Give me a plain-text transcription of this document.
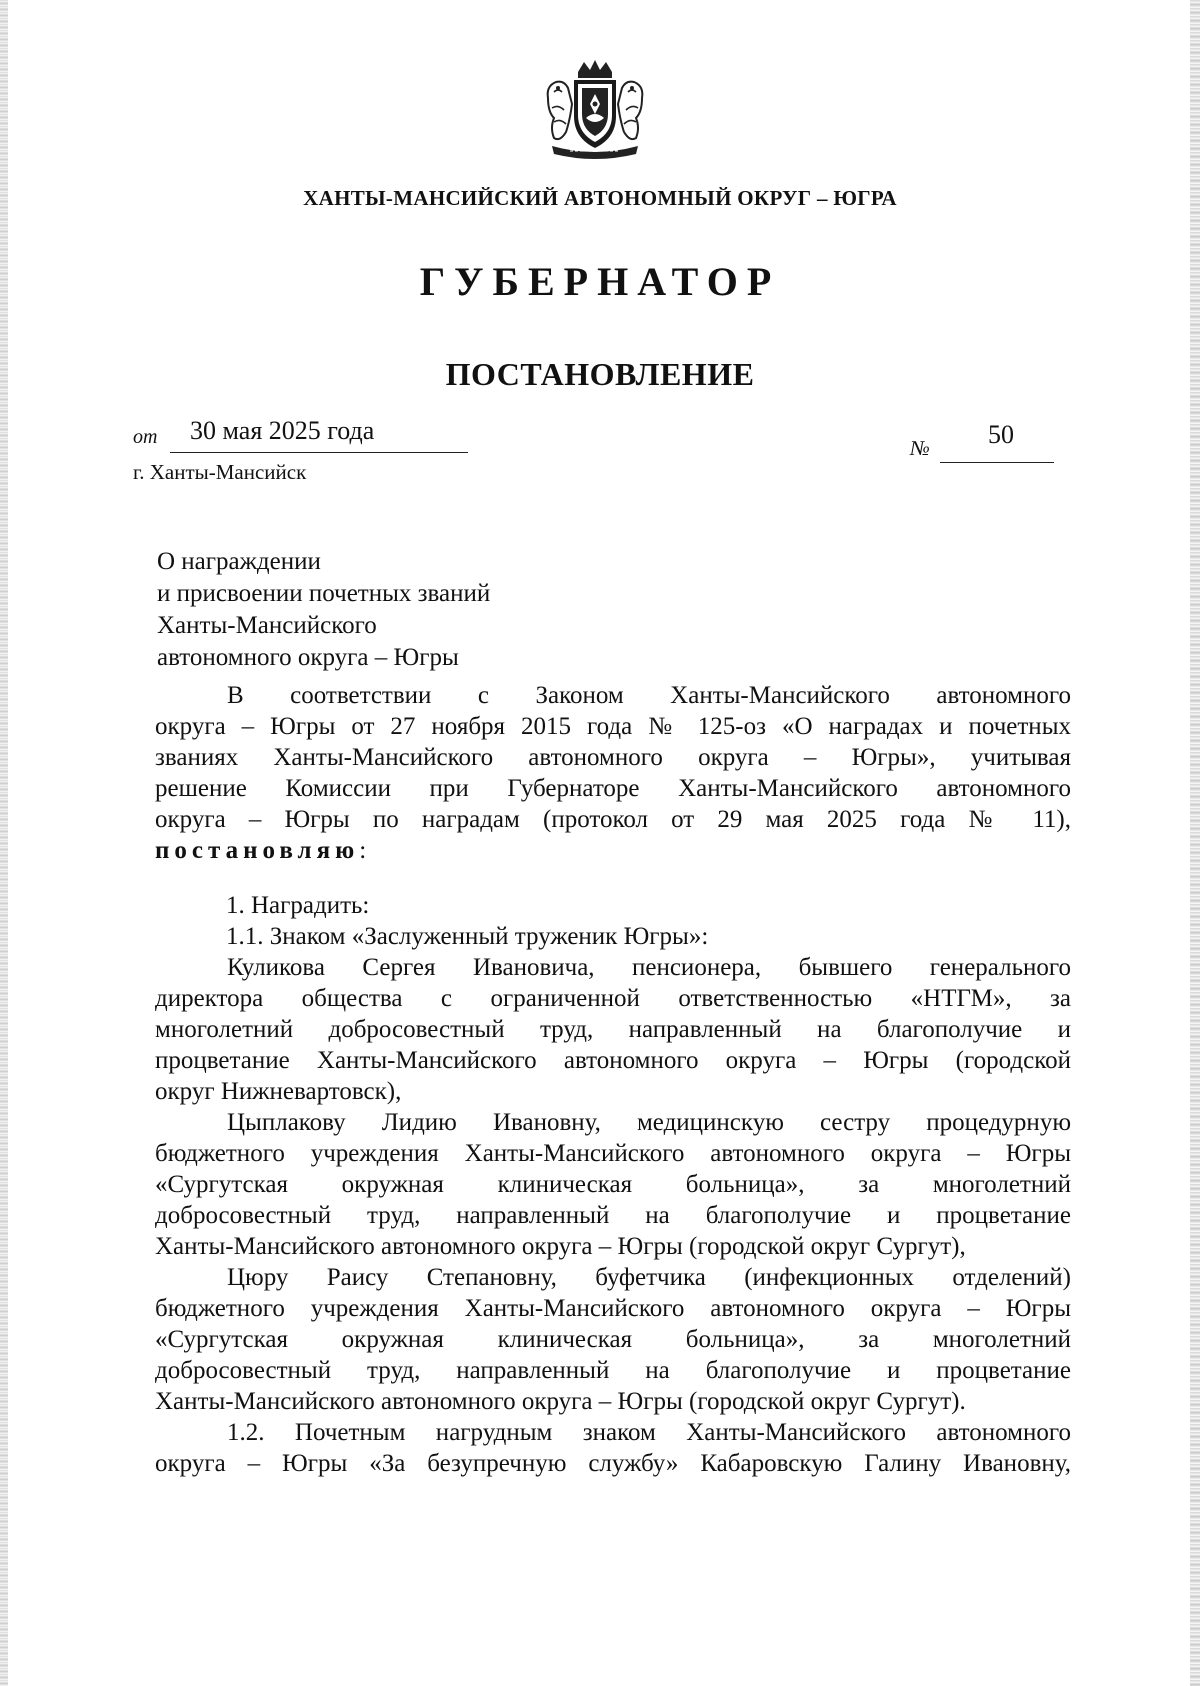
ХАНТЫ-МАНСИЙСКИЙ АВТОНОМНЫЙ ОКРУГ – ЮГРА
ГУБЕРНАТОР
ПОСТАНОВЛЕНИЕ
от 30 мая 2025 года
№ 50
г. Ханты-Мансийск
О награждении
и присвоении почетных званий
Ханты-Мансийского
автономного округа – Югры
В соответствии с Законом Ханты-Мансийского автономного
округа – Югры от 27 ноября 2015 года № 125-оз «О наградах и почетных
званиях Ханты-Мансийского автономного округа – Югры», учитывая
решение Комиссии при Губернаторе Ханты-Мансийского автономного
округа – Югры по наградам (протокол от 29 мая 2025 года № 11),
постановляю:
1. Наградить:
1.1. Знаком «Заслуженный труженик Югры»:
Куликова Сергея Ивановича, пенсионера, бывшего генерального
директора общества с ограниченной ответственностью «НТГМ», за
многолетний добросовестный труд, направленный на благополучие и
процветание Ханты-Мансийского автономного округа – Югры (городской
округ Нижневартовск),
Цыплакову Лидию Ивановну, медицинскую сестру процедурную
бюджетного учреждения Ханты-Мансийского автономного округа – Югры
«Сургутская окружная клиническая больница», за многолетний
добросовестный труд, направленный на благополучие и процветание
Ханты-Мансийского автономного округа – Югры (городской округ Сургут),
Цюру Раису Степановну, буфетчика (инфекционных отделений)
бюджетного учреждения Ханты-Мансийского автономного округа – Югры
«Сургутская окружная клиническая больница», за многолетний
добросовестный труд, направленный на благополучие и процветание
Ханты-Мансийского автономного округа – Югры (городской округ Сургут).
1.2. Почетным нагрудным знаком Ханты-Мансийского автономного
округа – Югры «За безупречную службу» Кабаровскую Галину Ивановну,
